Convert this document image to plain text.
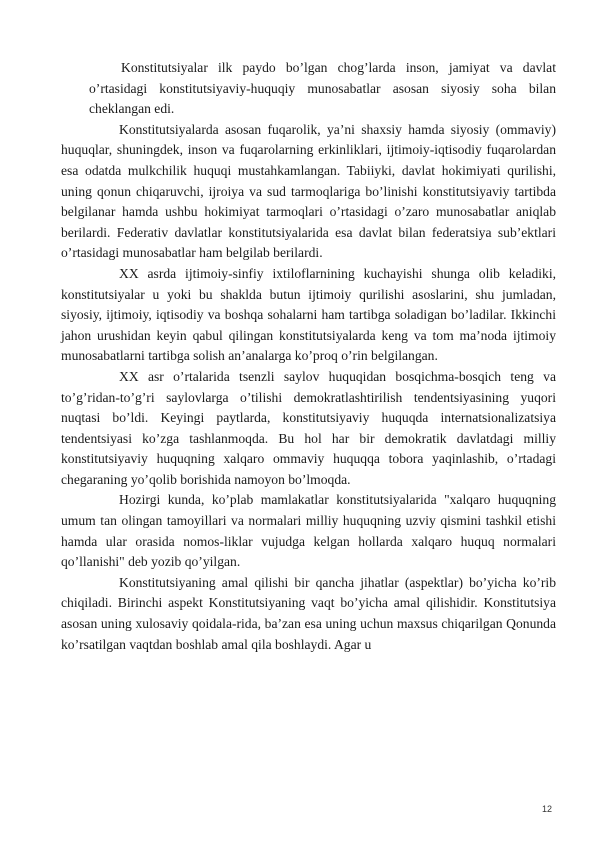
Konstitutsiyalar ilk paydo bo’lgan chog’larda inson, jamiyat va davlat o’rtasidagi konstitutsiyaviy-huquqiy munosabatlar asosan siyosiy soha bilan cheklangan edi.

Konstitutsiyalarda asosan fuqarolik, ya’ni shaxsiy hamda siyosiy (ommaviy) huquqlar, shuningdek, inson va fuqarolarning erkinliklari, ijtimoiy-iqtisodiy fuqarolardan esa odatda mulkchilik huquqi mustahkamlangan. Tabiiyki, davlat hokimiyati qurilishi, uning qonun chiqaruvchi, ijroiya va sud tarmoqlariga bo’linishi konstitutsiyaviy tartibda belgilanar hamda ushbu hokimiyat tarmoqlari o’rtasidagi o’zaro munosabatlar aniqlab berilardi. Federativ davlatlar konstitutsiyalarida esa davlat bilan federatsiya sub’ektlari o’rtasidagi munosabatlar ham belgilab berilardi.

XX asrda ijtimoiy-sinfiy ixtiloflarnining kuchayishi shunga olib keladiki, konstitutsiyalar u yoki bu shaklda butun ijtimoiy qurilishi asoslarini, shu jumladan, siyosiy, ijtimoiy, iqtisodiy va boshqa sohalarni ham tartibga soladigan bo’ladilar. Ikkinchi jahon urushidan keyin qabul qilingan konstitutsiyalarda keng va tom ma’noda ijtimoiy munosabatlarni tartibga solish an’analarga ko’proq o’rin belgilangan.

XX asr o’rtalarida tsenzli saylov huquqidan bosqichma-bosqich teng va to’g’ridan-to’g’ri saylovlarga o’tilishi demokratlashtirilish tendentsiyasining yuqori nuqtasi bo’ldi. Keyingi paytlarda, konstitutsiyaviy huquqda internatsionalizatsiya tendentsiyasi ko’zga tashlanmoqda. Bu hol har bir demokratik davlatdagi milliy konstitutsiyaviy huquqning xalqaro ommaviy huquqqa tobora yaqinlashib, o’rtadagi chegaraning yo’qolib borishida namoyon bo’lmoqda.

Hozirgi kunda, ko’plab mamlakatlar konstitutsiyalarida "xalqaro huquqning umum tan olingan tamoyillari va normalari milliy huquqning uzviy qismini tashkil etishi hamda ular orasida nomos-liklar vujudga kelgan hollarda xalqaro huquq normalari qo’llanishi" deb yozib qo’yilgan.

Konstitutsiyaning amal qilishi bir qancha jihatlar (aspektlar) bo’yicha ko’rib chiqiladi. Birinchi aspekt Konstitutsiyaning vaqt bo’yicha amal qilishidir. Konstitutsiya asosan uning xulosaviy qoidala-rida, ba’zan esa uning uchun maxsus chiqarilgan Qonunda ko’rsatilgan vaqtdan boshlab amal qila boshlaydi. Agar u

12
